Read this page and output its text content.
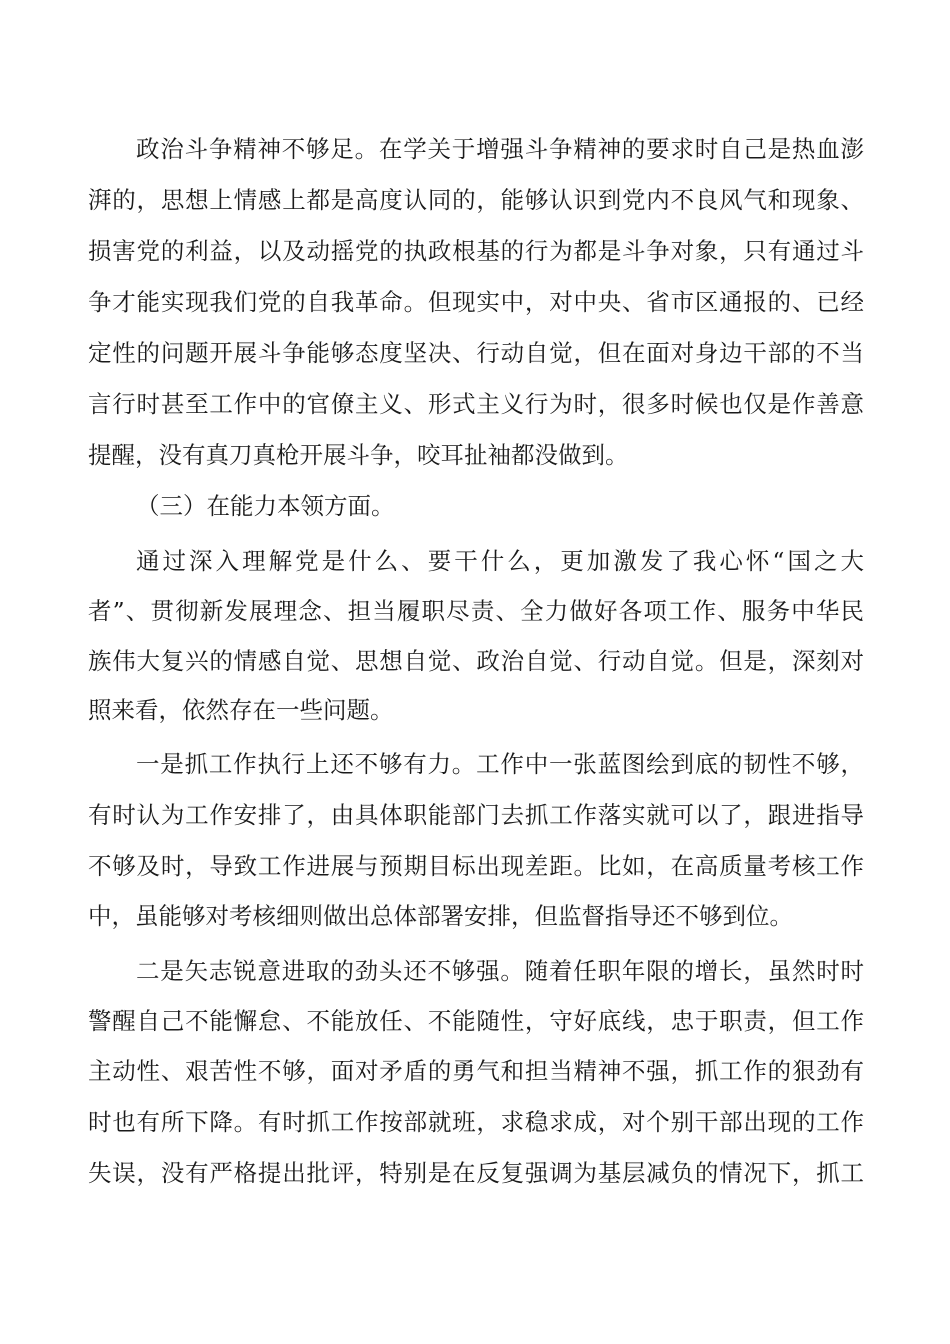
政治斗争精神不够足。在学关于增强斗争精神的要求时自己是热血澎
湃的，思想上情感上都是高度认同的，能够认识到党内不良风气和现象、
损害党的利益，以及动摇党的执政根基的行为都是斗争对象，只有通过斗
争才能实现我们党的自我革命。但现实中，对中央、省市区通报的、已经
定性的问题开展斗争能够态度坚决、行动自觉，但在面对身边干部的不当
言行时甚至工作中的官僚主义、形式主义行为时，很多时候也仅是作善意
提醒，没有真刀真枪开展斗争，咬耳扯袖都没做到。
（三）在能力本领方面。
通过深入理解党是什么、要干什么，更加激发了我心怀“国之大
者”、贯彻新发展理念、担当履职尽责、全力做好各项工作、服务中华民
族伟大复兴的情感自觉、思想自觉、政治自觉、行动自觉。但是，深刻对
照来看，依然存在一些问题。
一是抓工作执行上还不够有力。工作中一张蓝图绘到底的韧性不够，
有时认为工作安排了，由具体职能部门去抓工作落实就可以了，跟进指导
不够及时，导致工作进展与预期目标出现差距。比如，在高质量考核工作
中，虽能够对考核细则做出总体部署安排，但监督指导还不够到位。
二是矢志锐意进取的劲头还不够强。随着任职年限的增长，虽然时时
警醒自己不能懈怠、不能放任、不能随性，守好底线，忠于职责，但工作
主动性、艰苦性不够，面对矛盾的勇气和担当精神不强，抓工作的狠劲有
时也有所下降。有时抓工作按部就班，求稳求成，对个别干部出现的工作
失误，没有严格提出批评，特别是在反复强调为基层减负的情况下，抓工
